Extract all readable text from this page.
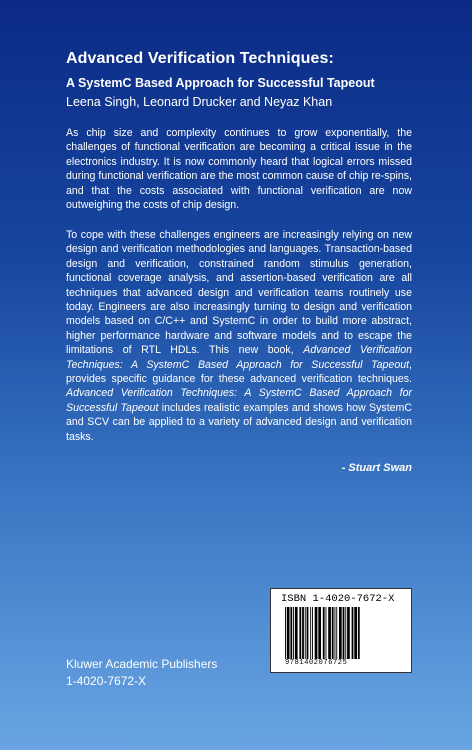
Advanced Verification Techniques:
A SystemC Based Approach for Successful Tapeout
Leena Singh, Leonard Drucker and Neyaz Khan
As chip size and complexity continues to grow exponentially, the challenges of functional verification are becoming a critical issue in the electronics industry. It is now commonly heard that logical errors missed during functional verification are the most common cause of chip re-spins, and that the costs associated with functional verification are now outweighing the costs of chip design.
To cope with these challenges engineers are increasingly relying on new design and verification methodologies and languages. Transaction-based design and verification, constrained random stimulus generation, functional coverage analysis, and assertion-based verification are all techniques that advanced design and verification teams routinely use today. Engineers are also increasingly turning to design and verification models based on C/C++ and SystemC in order to build more abstract, higher performance hardware and software models and to escape the limitations of RTL HDLs. This new book, Advanced Verification Techniques: A SystemC Based Approach for Successful Tapeout, provides specific guidance for these advanced verification techniques. Advanced Verification Techniques: A SystemC Based Approach for Successful Tapeout includes realistic examples and shows how SystemC and SCV can be applied to a variety of advanced design and verification tasks.
- Stuart Swan
ISBN 1-4020-7672-X
9781402076725
Kluwer Academic Publishers
1-4020-7672-X
